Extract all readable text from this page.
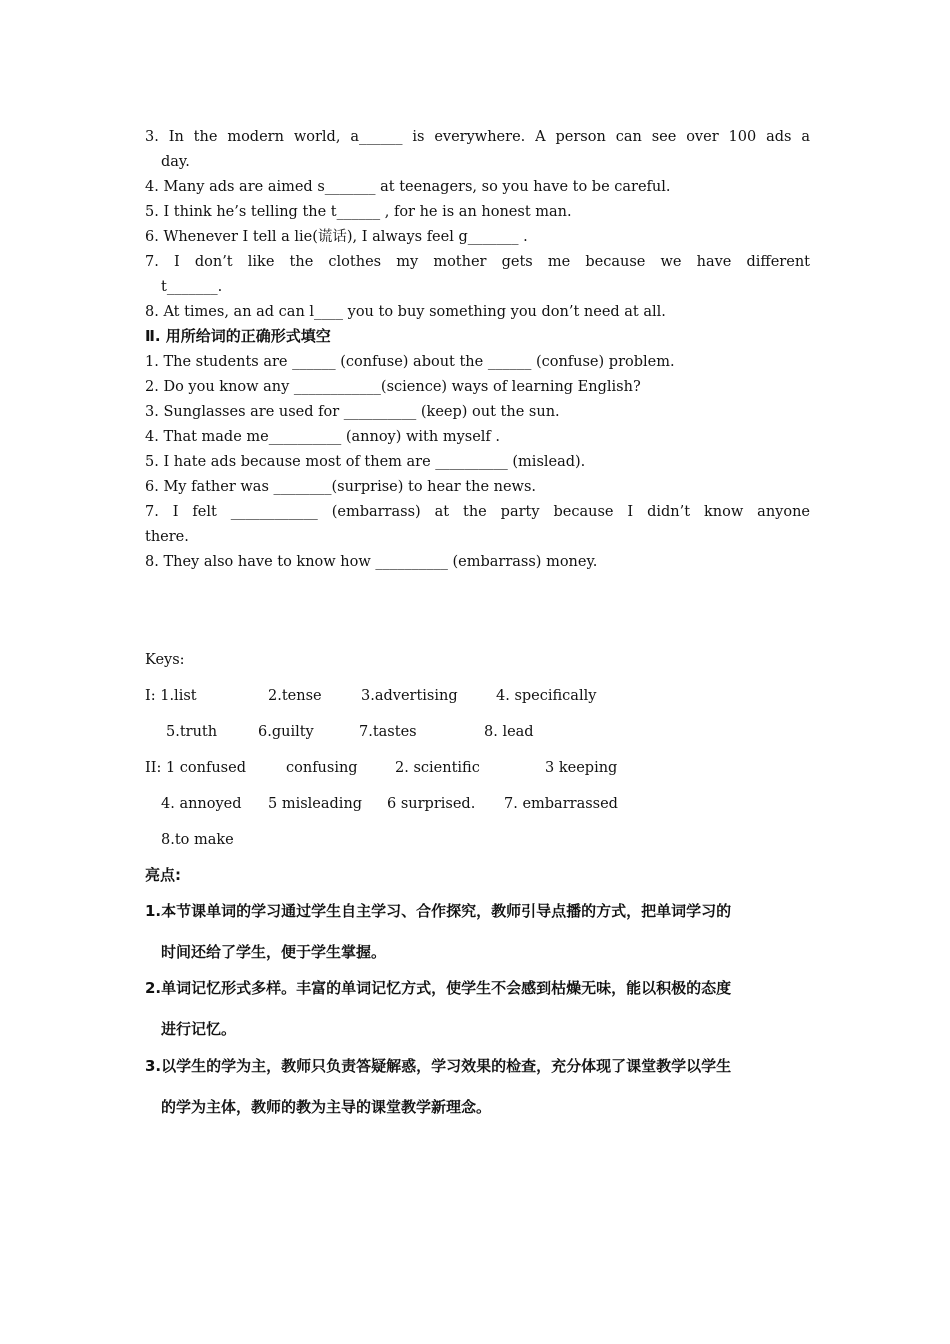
3. In the modern world, a______ is everywhere. A person can see over 100 ads a
day.
4. Many ads are aimed s_______ at teenagers, so you have to be careful.
5. I think he’s telling the t______ , for he is an honest man.
6. Whenever I tell a lie(谎话), I always feel g_______ .
7. I don’t like the clothes my mother gets me because we have different
t_______.
8. At times, an ad can l____ you to buy something you don’t need at all.
Ⅱ. 用所给词的正确形式填空
1. The students are ______ (confuse) about the ______ (confuse) problem.
2. Do you know any ____________(science) ways of learning English?
3. Sunglasses are used for __________ (keep) out the sun.
4. That made me__________ (annoy) with myself .
5. I hate ads because most of them are __________ (mislead).
6. My father was ________(surprise) to hear the news.
7. I felt ____________ (embarrass) at the party because I didn’t know anyone
there.
8. They also have to know how __________ (embarrass) money.
Keys:
I: 1.list	2.tense	3.advertising	4. specifically
5.truth	6.guilty	7.tastes	8. lead
II: 1 confused	confusing	2. scientific	3 keeping
4. annoyed 5 misleading 6 surprised. 7. embarrassed
8.to make
亮点:
1.本节课单词的学习通过学生自主学习、合作探究，教师引导点播的方式，把单词学习的
时间还给了学生，便于学生掌握。
2.单词记忆形式多样。丰富的单词记忆方式，使学生不会感到枯燥无味，能以积极的态度
进行记忆。
3.以学生的学为主，教师只负责答疑解惑，学习效果的检查，充分体现了课堂教学以学生
的学为主体，教师的教为主导的课堂教学新理念。
